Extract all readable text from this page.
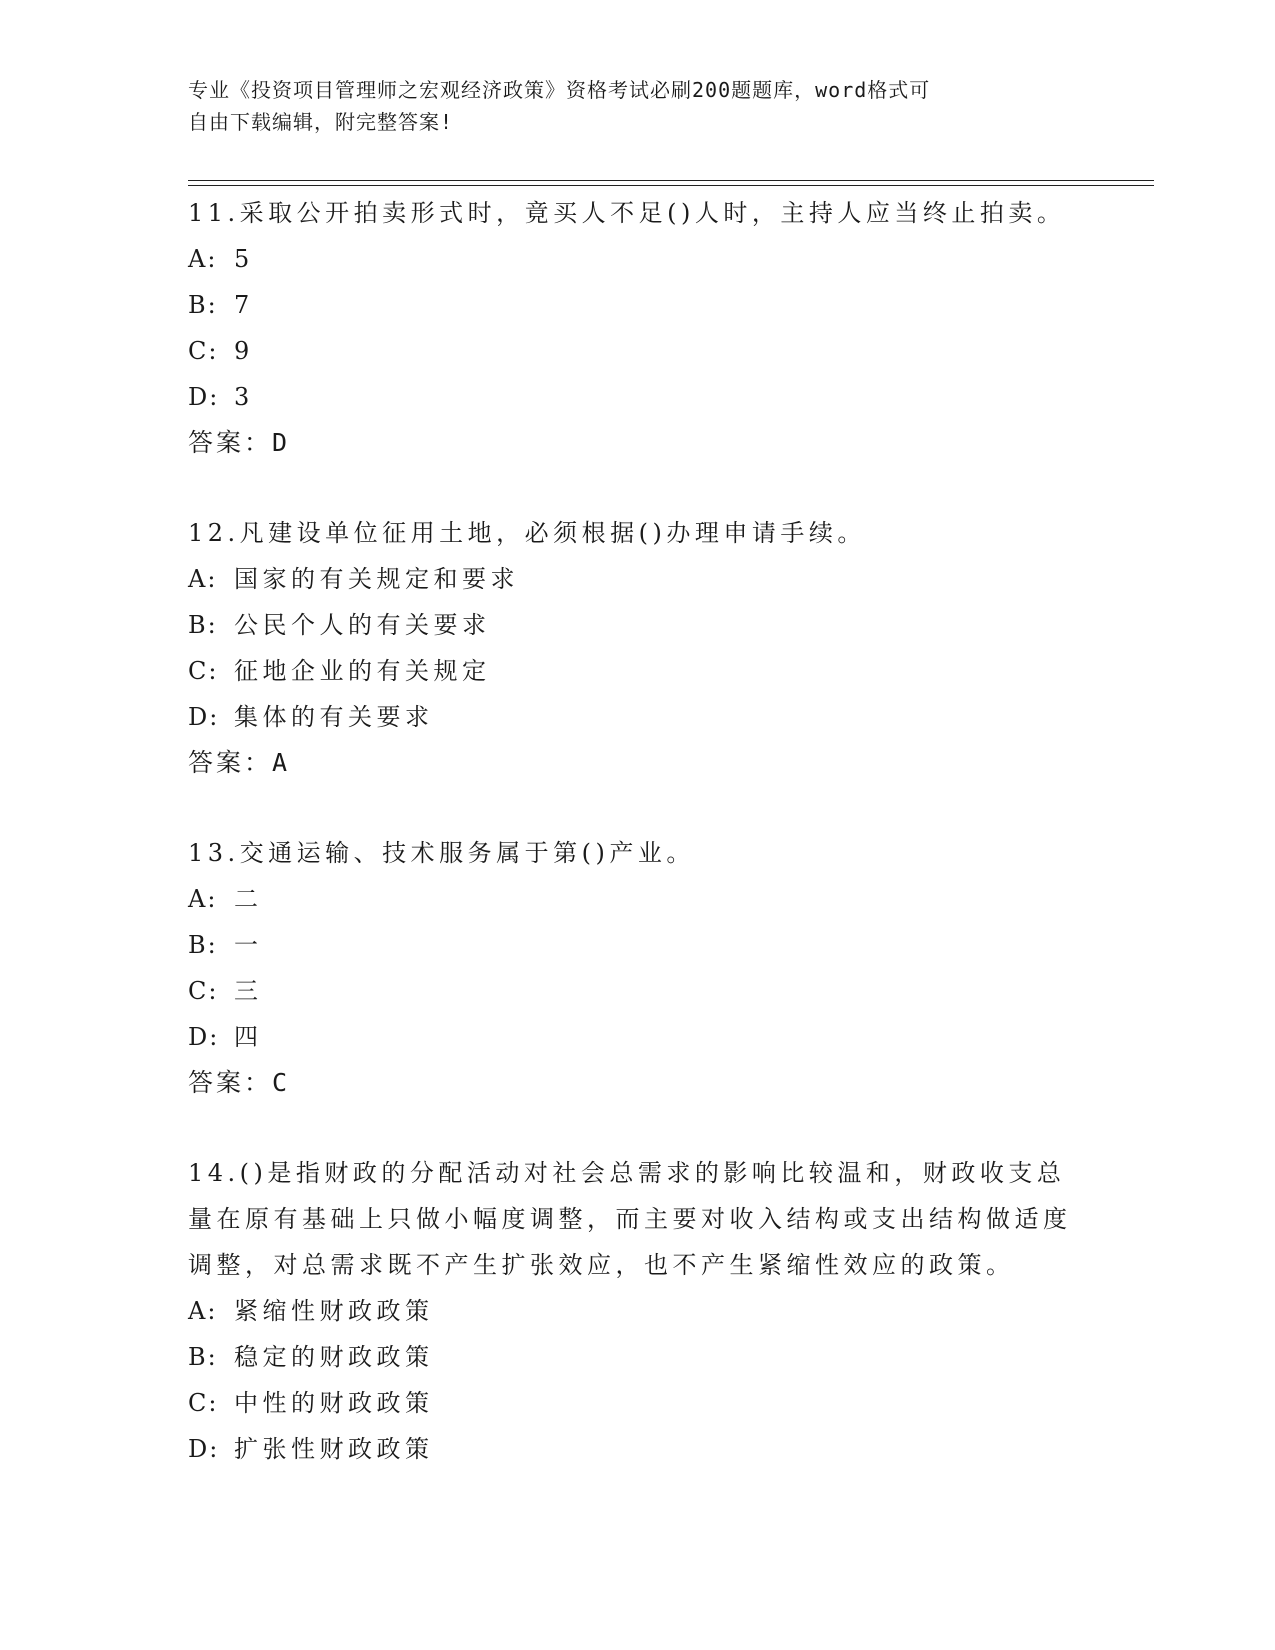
专业《投资项目管理师之宏观经济政策》资格考试必刷200题题库，word格式可
自由下载编辑，附完整答案!
11.采取公开拍卖形式时，竟买人不足()人时，主持人应当终止拍卖。
A: 5
B: 7
C: 9
D: 3
答案：D
12.凡建设单位征用土地，必须根据()办理申请手续。
A: 国家的有关规定和要求
B: 公民个人的有关要求
C: 征地企业的有关规定
D: 集体的有关要求
答案：A
13.交通运输、技术服务属于第()产业。
A: 二
B: 一
C: 三
D: 四
答案：C
14.()是指财政的分配活动对社会总需求的影响比较温和，财政收支总量在原有基础上只做小幅度调整，而主要对收入结构或支出结构做适度调整，对总需求既不产生扩张效应，也不产生紧缩性效应的政策。
A: 紧缩性财政政策
B: 稳定的财政政策
C: 中性的财政政策
D: 扩张性财政政策
